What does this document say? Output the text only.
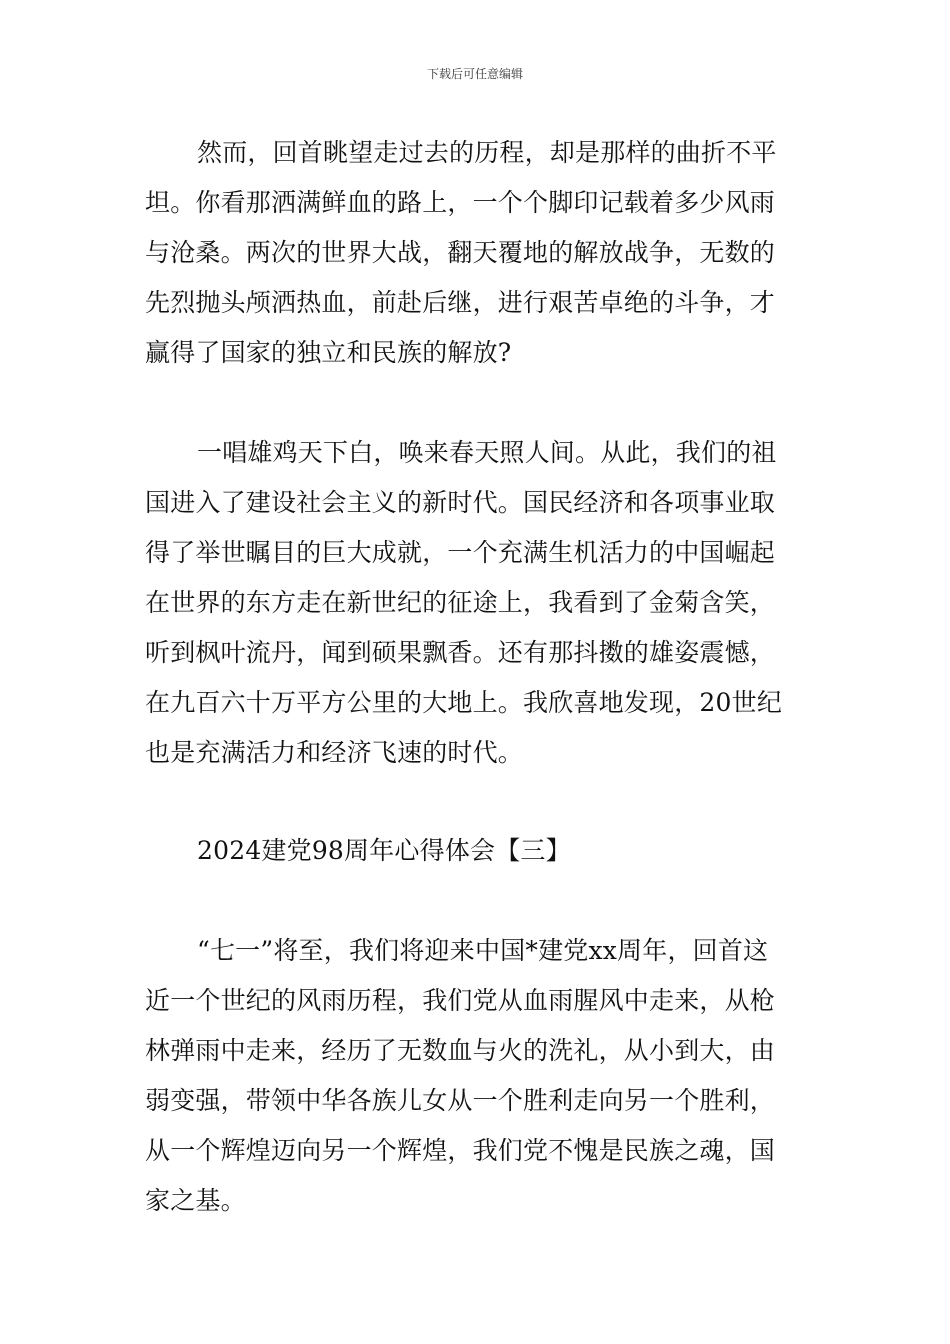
下载后可任意编辑
然而，回首眺望走过去的历程，却是那样的曲折不平
坦。你看那洒满鲜血的路上，一个个脚印记载着多少风雨
与沧桑。两次的世界大战，翻天覆地的解放战争，无数的
先烈抛头颅洒热血，前赴后继，进行艰苦卓绝的斗争，才
赢得了国家的独立和民族的解放?
一唱雄鸡天下白，唤来春天照人间。从此，我们的祖
国进入了建设社会主义的新时代。国民经济和各项事业取
得了举世瞩目的巨大成就，一个充满生机活力的中国崛起
在世界的东方走在新世纪的征途上，我看到了金菊含笑，
听到枫叶流丹，闻到硕果飘香。还有那抖擞的雄姿震憾，
在九百六十万平方公里的大地上。我欣喜地发现，20世纪
也是充满活力和经济飞速的时代。
2024建党98周年心得体会【三】
“七一”将至，我们将迎来中国*建党xx周年，回首这
近一个世纪的风雨历程，我们党从血雨腥风中走来，从枪
林弹雨中走来，经历了无数血与火的洗礼，从小到大，由
弱变强，带领中华各族儿女从一个胜利走向另一个胜利，
从一个辉煌迈向另一个辉煌，我们党不愧是民族之魂，国
家之基。
